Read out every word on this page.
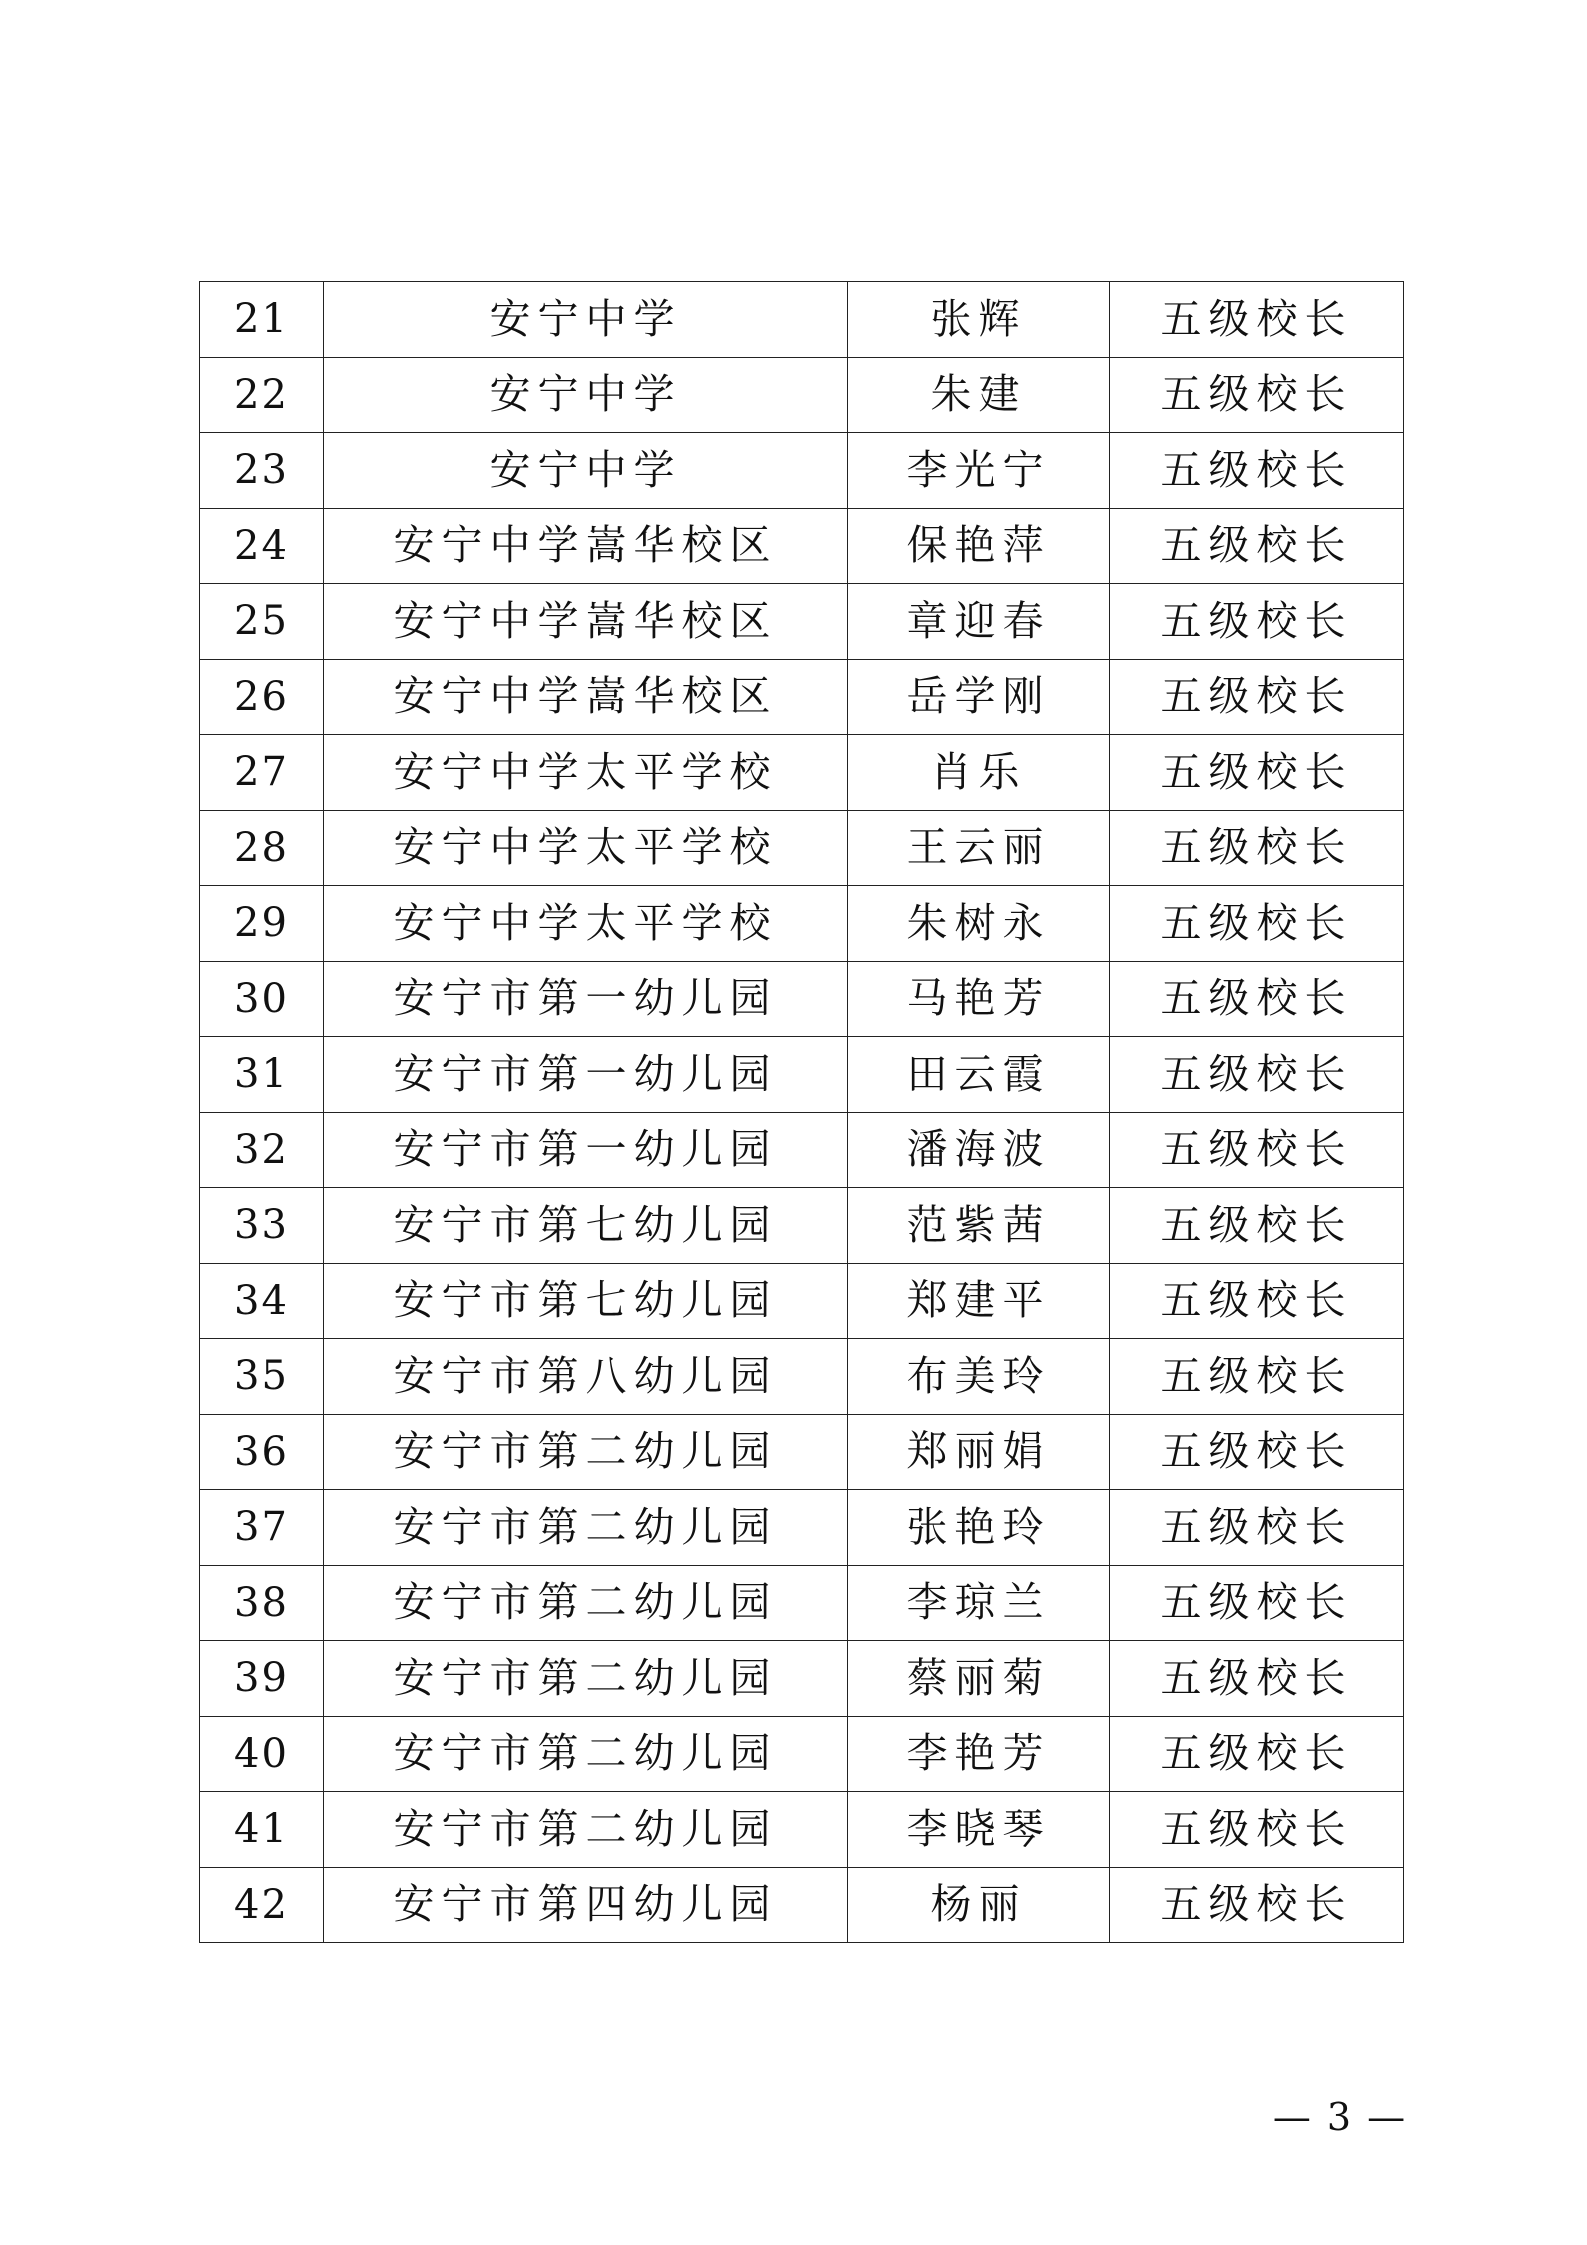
21	安宁中学	张辉	五级校长
22	安宁中学	朱建	五级校长
23	安宁中学	李光宁	五级校长
24	安宁中学嵩华校区	保艳萍	五级校长
25	安宁中学嵩华校区	章迎春	五级校长
26	安宁中学嵩华校区	岳学刚	五级校长
27	安宁中学太平学校	肖乐	五级校长
28	安宁中学太平学校	王云丽	五级校长
29	安宁中学太平学校	朱树永	五级校长
30	安宁市第一幼儿园	马艳芳	五级校长
31	安宁市第一幼儿园	田云霞	五级校长
32	安宁市第一幼儿园	潘海波	五级校长
33	安宁市第七幼儿园	范紫茜	五级校长
34	安宁市第七幼儿园	郑建平	五级校长
35	安宁市第八幼儿园	布美玲	五级校长
36	安宁市第二幼儿园	郑丽娟	五级校长
37	安宁市第二幼儿园	张艳玲	五级校长
38	安宁市第二幼儿园	李琼兰	五级校长
39	安宁市第二幼儿园	蔡丽菊	五级校长
40	安宁市第二幼儿园	李艳芳	五级校长
41	安宁市第二幼儿园	李晓琴	五级校长
42	安宁市第四幼儿园	杨丽	五级校长
— 3 —
